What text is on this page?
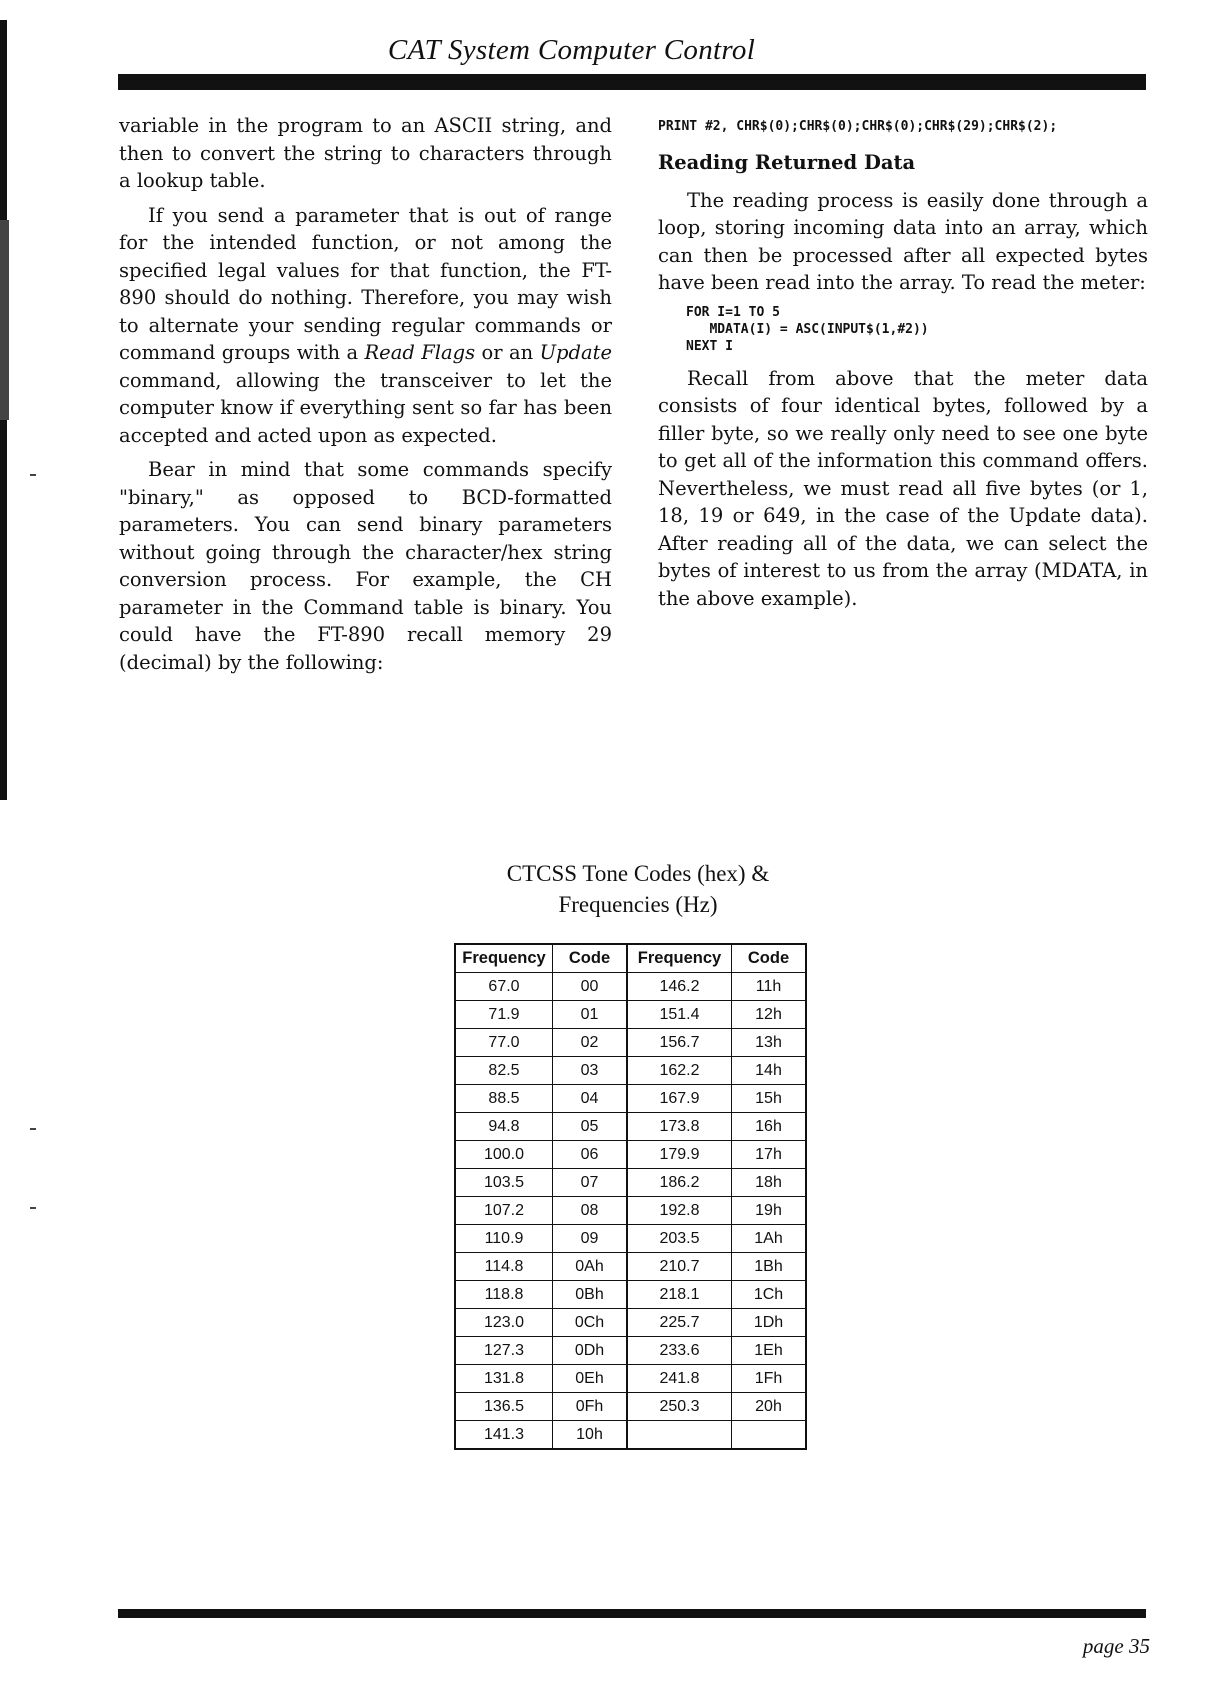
CAT System Computer Control

variable in the program to an ASCII string, and then to convert the string to characters through a lookup table.

If you send a parameter that is out of range for the intended function, or not among the specified legal values for that function, the FT-890 should do nothing. Therefore, you may wish to alternate your sending regular commands or command groups with a Read Flags or an Update command, allowing the transceiver to let the computer know if everything sent so far has been accepted and acted upon as expected.

Bear in mind that some commands specify "binary," as opposed to BCD-formatted parameters. You can send binary parameters without going through the character/hex string conversion process. For example, the CH parameter in the Command table is binary. You could have the FT-890 recall memory 29 (decimal) by the following:

PRINT #2, CHR$(0);CHR$(0);CHR$(0);CHR$(29);CHR$(2);
Reading Returned Data

The reading process is easily done through a loop, storing incoming data into an array, which can then be processed after all expected bytes have been read into the array. To read the meter:

FOR I=1 TO 5
MDATA(I) = ASC(INPUT$(1,#2))
NEXT I

Recall from above that the meter data consists of four identical bytes, followed by a filler byte, so we really only need to see one byte to get all of the information this command offers. Nevertheless, we must read all five bytes (or 1, 18, 19 or 649, in the case of the Update data). After reading all of the data, we can select the bytes of interest to us from the array (MDATA, in the above example).

CTCSS Tone Codes (hex) &
Frequencies (Hz)
Frequency	Code	Frequency	Code
67.0	00	146.2	11h
71.9	01	151.4	12h
77.0	02	156.7	13h
82.5	03	162.2	14h
88.5	04	167.9	15h
94.8	05	173.8	16h
100.0	06	179.9	17h
103.5	07	186.2	18h
107.2	08	192.8	19h
110.9	09	203.5	1Ah
114.8	0Ah	210.7	1Bh
118.8	0Bh	218.1	1Ch
123.0	0Ch	225.7	1Dh
127.3	0Dh	233.6	1Eh
131.8	0Eh	241.8	1Fh
136.5	0Fh	250.3	20h
141.3	10h		
page 35
